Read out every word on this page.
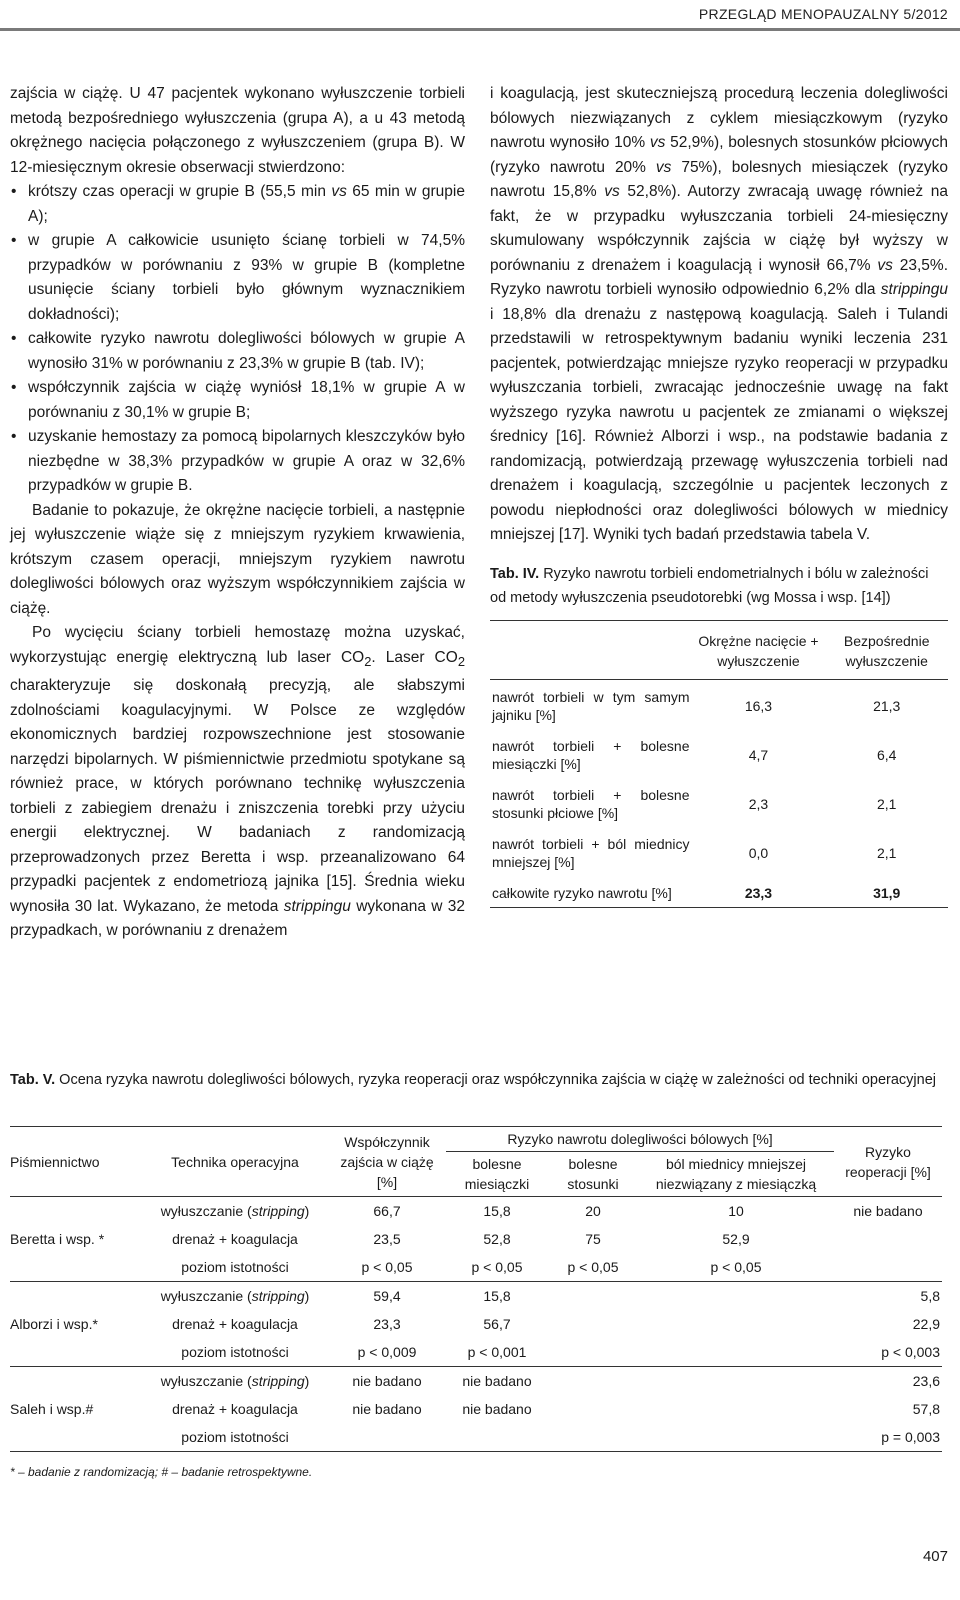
PRZEGLĄD MENOPAUZALNY 5/2012

zajścia w ciążę. U 47 pacjentek wykonano wyłuszczenie torbieli metodą bezpośredniego wyłuszczenia (grupa A), a u 43 metodą okrężnego nacięcia połączonego z wyłuszczeniem (grupa B). W 12-miesięcznym okresie obserwacji stwierdzono:

• krótszy czas operacji w grupie B (55,5 min vs 65 min w grupie A);
• w grupie A całkowicie usunięto ścianę torbieli w 74,5% przypadków w porównaniu z 93% w grupie B (kompletne usunięcie ściany torbieli było głównym wyznacznikiem dokładności);
• całkowite ryzyko nawrotu dolegliwości bólowych w grupie A wynosiło 31% w porównaniu z 23,3% w grupie B (tab. IV);
• współczynnik zajścia w ciążę wyniósł 18,1% w grupie A w porównaniu z 30,1% w grupie B;
• uzyskanie hemostazy za pomocą bipolarnych kleszczyków było niezbędne w 38,3% przypadków w grupie A oraz w 32,6% przypadków w grupie B.

Badanie to pokazuje, że okrężne nacięcie torbieli, a następnie jej wyłuszczenie wiąże się z mniejszym ryzykiem krwawienia, krótszym czasem operacji, mniejszym ryzykiem nawrotu dolegliwości bólowych oraz wyższym współczynnikiem zajścia w ciążę.

Po wycięciu ściany torbieli hemostazę można uzyskać, wykorzystując energię elektryczną lub laser $CO_2$. Laser $CO_2$ charakteryzuje się doskonałą precyzją, ale słabszymi zdolnościami koagulacyjnymi. W Polsce ze względów ekonomicznych bardziej rozpowszechnione jest stosowanie narzędzi bipolarnych. W piśmiennictwie przedmiotu spotykane są również prace, w których porównano technikę wyłuszczenia torbieli z zabiegiem drenażu i zniszczenia torebki przy użyciu energii elektrycznej. W badaniach z randomizacją przeprowadzonych przez Beretta i wsp. przeanalizowano 64 przypadki pacjentek z endometriozą jajnika [15]. Średnia wieku wynosiła 30 lat. Wykazano, że metoda strippingu wykonana w 32 przypadkach, w porównaniu z drenażem

i koagulacją, jest skuteczniejszą procedurą leczenia dolegliwości bólowych niezwiązanych z cyklem miesiączkowym (ryzyko nawrotu wynosiło 10% vs 52,9%), bolesnych stosunków płciowych (ryzyko nawrotu 20% vs 75%), bolesnych miesiączek (ryzyko nawrotu 15,8% vs 52,8%). Autorzy zwracają uwagę również na fakt, że w przypadku wyłuszczania torbieli 24-miesięczny skumulowany współczynnik zajścia w ciążę był wyższy w porównaniu z drenażem i koagulacją i wynosił 66,7% vs 23,5%. Ryzyko nawrotu torbieli wynosiło odpowiednio 6,2% dla strippingu i 18,8% dla drenażu z następową koagulacją. Saleh i Tulandi przedstawili w retrospektywnym badaniu wyniki leczenia 231 pacjentek, potwierdzając mniejsze ryzyko reoperacji w przypadku wyłuszczania torbieli, zwracając jednocześnie uwagę na fakt wyższego ryzyka nawrotu u pacjentek ze zmianami o większej średnicy [16]. Również Alborzi i wsp., na podstawie badania z randomizacją, potwierdzają przewagę wyłuszczenia torbieli nad drenażem i koagulacją, szczególnie u pacjentek leczonych z powodu niepłodności oraz dolegliwości bólowych w miednicy mniejszej [17]. Wyniki tych badań przedstawia tabela V.

Tab. IV. Ryzyko nawrotu torbieli endometrialnych i bólu w zależności od metody wyłuszczenia pseudotorebki (wg Mossa i wsp. [14])
	Okrężne nacięcie + wyłuszczenie	Bezpośrednie wyłuszczenie
nawrót torbieli w tym samym jajniku [%]	16,3	21,3
nawrót torbieli + bolesne miesiączki [%]	4,7	6,4
nawrót torbieli + bolesne stosunki płciowe [%]	2,3	2,1
nawrót torbieli + ból miednicy mniejszej [%]	0,0	2,1
całkowite ryzyko nawrotu [%]	23,3	31,9
Tab. V. Ocena ryzyka nawrotu dolegliwości bólowych, ryzyka reoperacji oraz współczynnika zajścia w ciążę w zależności od techniki operacyjnej
Piśmiennictwo	Technika operacyjna	Współczynnik zajścia w ciążę [%]	Ryzyko nawrotu dolegliwości bólowych [%]			Ryzyko reoperacji [%]
			bolesne miesiączki	bolesne stosunki	ból miednicy mniejszej niezwiązany z miesiączką	
Beretta i wsp. *	wyłuszczanie (stripping)	66,7	15,8	20	10	nie badano
	drenaż + koagulacja	23,5	52,8	75	52,9	
	poziom istotności	p < 0,05	p < 0,05	p < 0,05	p < 0,05	
Alborzi i wsp.*	wyłuszczanie (stripping)	59,4	15,8			5,8
	drenaż + koagulacja	23,3	56,7			22,9
	poziom istotności	p < 0,009	p < 0,001			p < 0,003
Saleh i wsp.#	wyłuszczanie (stripping)	nie badano	nie badano			23,6
	drenaż + koagulacja	nie badano	nie badano			57,8
	poziom istotności					p = 0,003
* – badanie z randomizacją; # – badanie retrospektywne.
407
